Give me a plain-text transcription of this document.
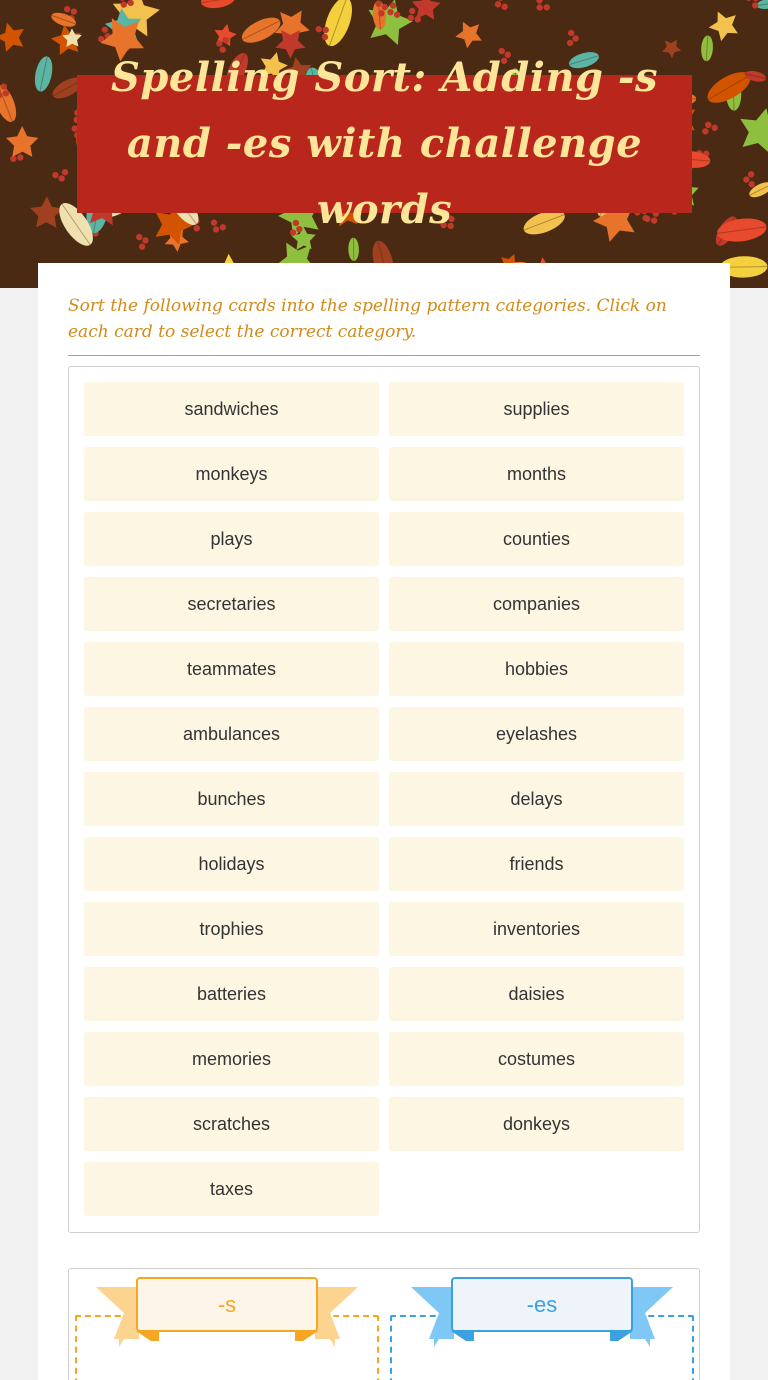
Spelling Sort: Adding -s and -es with challenge words

Sort the following cards into the spelling pattern categories. Click on each card to select the correct category.

sandwiches	supplies
monkeys	months
plays	counties
secretaries	companies
teammates	hobbies
ambulances	eyelashes
bunches	delays
holidays	friends
trophies	inventories
batteries	daisies
memories	costumes
scratches	donkeys
taxes
-s	-es
